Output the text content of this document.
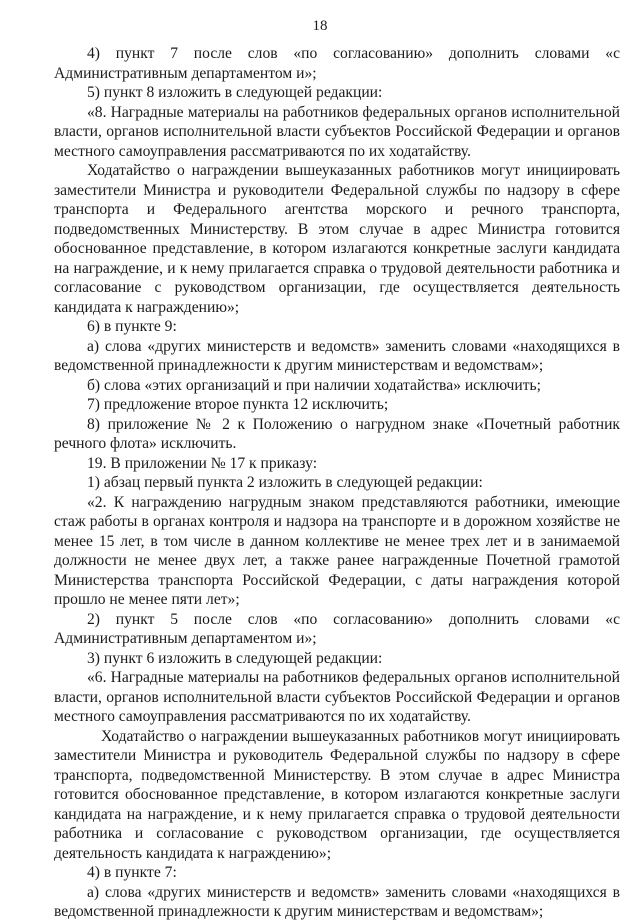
18

4) пункт 7 после слов «по согласованию» дополнить словами «с Административным департаментом и»;

5) пункт 8 изложить в следующей редакции:

«8. Наградные материалы на работников федеральных органов исполнительной власти, органов исполнительной власти субъектов Российской Федерации и органов местного самоуправления рассматриваются по их ходатайству.

Ходатайство о награждении вышеуказанных работников могут инициировать заместители Министра и руководители Федеральной службы по надзору в сфере транспорта и Федерального агентства морского и речного транспорта, подведомственных Министерству. В этом случае в адрес Министра готовится обоснованное представление, в котором излагаются конкретные заслуги кандидата на награждение, и к нему прилагается справка о трудовой деятельности работника и согласование с руководством организации, где осуществляется деятельность кандидата к награждению»;

6) в пункте 9:

а) слова «других министерств и ведомств» заменить словами «находящихся в ведомственной принадлежности к другим министерствам и ведомствам»;

б) слова «этих организаций и при наличии ходатайства» исключить;

7) предложение второе пункта 12 исключить;

8) приложение № 2 к Положению о нагрудном знаке «Почетный работник речного флота» исключить.

19. В приложении № 17 к приказу:

1) абзац первый пункта 2 изложить в следующей редакции:

«2. К награждению нагрудным знаком представляются работники, имеющие стаж работы в органах контроля и надзора на транспорте и в дорожном хозяйстве не менее 15 лет, в том числе в данном коллективе не менее трех лет и в занимаемой должности не менее двух лет, а также ранее награжденные Почетной грамотой Министерства транспорта Российской Федерации, с даты награждения которой прошло не менее пяти лет»;

2) пункт 5 после слов «по согласованию» дополнить словами «с Административным департаментом и»;

3) пункт 6 изложить в следующей редакции:

«6. Наградные материалы на работников федеральных органов исполнительной власти, органов исполнительной власти субъектов Российской Федерации и органов местного самоуправления рассматриваются по их ходатайству.

Ходатайство о награждении вышеуказанных работников могут инициировать заместители Министра и руководитель Федеральной службы по надзору в сфере транспорта, подведомственной Министерству. В этом случае в адрес Министра готовится обоснованное представление, в котором излагаются конкретные заслуги кандидата на награждение, и к нему прилагается справка о трудовой деятельности работника и согласование с руководством организации, где осуществляется деятельность кандидата к награждению»;

4) в пункте 7:

а) слова «других министерств и ведомств» заменить словами «находящихся в ведомственной принадлежности к другим министерствам и ведомствам»;
